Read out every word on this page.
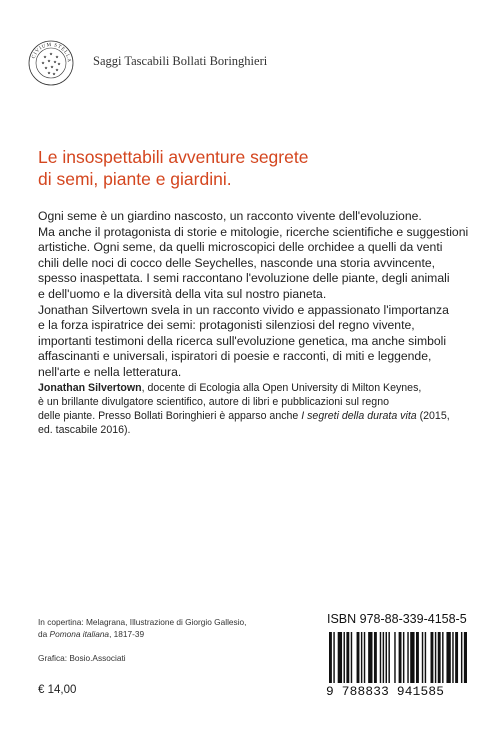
CIVIUM STELLA Saggi Tascabili Bollati Boringhieri
Le insospettabili avventure segrete
di semi, piante e giardini.
Ogni seme è un giardino nascosto, un racconto vivente dell'evoluzione.
Ma anche il protagonista di storie e mitologie, ricerche scientifiche e suggestioni
artistiche. Ogni seme, da quelli microscopici delle orchidee a quelli da venti
chili delle noci di cocco delle Seychelles, nasconde una storia avvincente,
spesso inaspettata. I semi raccontano l'evoluzione delle piante, degli animali
e dell'uomo e la diversità della vita sul nostro pianeta.
Jonathan Silvertown svela in un racconto vivido e appassionato l'importanza
e la forza ispiratrice dei semi: protagonisti silenziosi del regno vivente,
importanti testimoni della ricerca sull'evoluzione genetica, ma anche simboli
affascinanti e universali, ispiratori di poesie e racconti, di miti e leggende,
nell'arte e nella letteratura.
Jonathan Silvertown, docente di Ecologia alla Open University di Milton Keynes,
è un brillante divulgatore scientifico, autore di libri e pubblicazioni sul regno
delle piante. Presso Bollati Boringhieri è apparso anche I segreti della durata vita (2015,
ed. tascabile 2016).
In copertina: Melagrana, Illustrazione di Giorgio Gallesio,
da Pomona italiana, 1817-39
Grafica: Bosio.Associati
€ 14,00
ISBN 978-88-339-4158-5
9 788833 941585
